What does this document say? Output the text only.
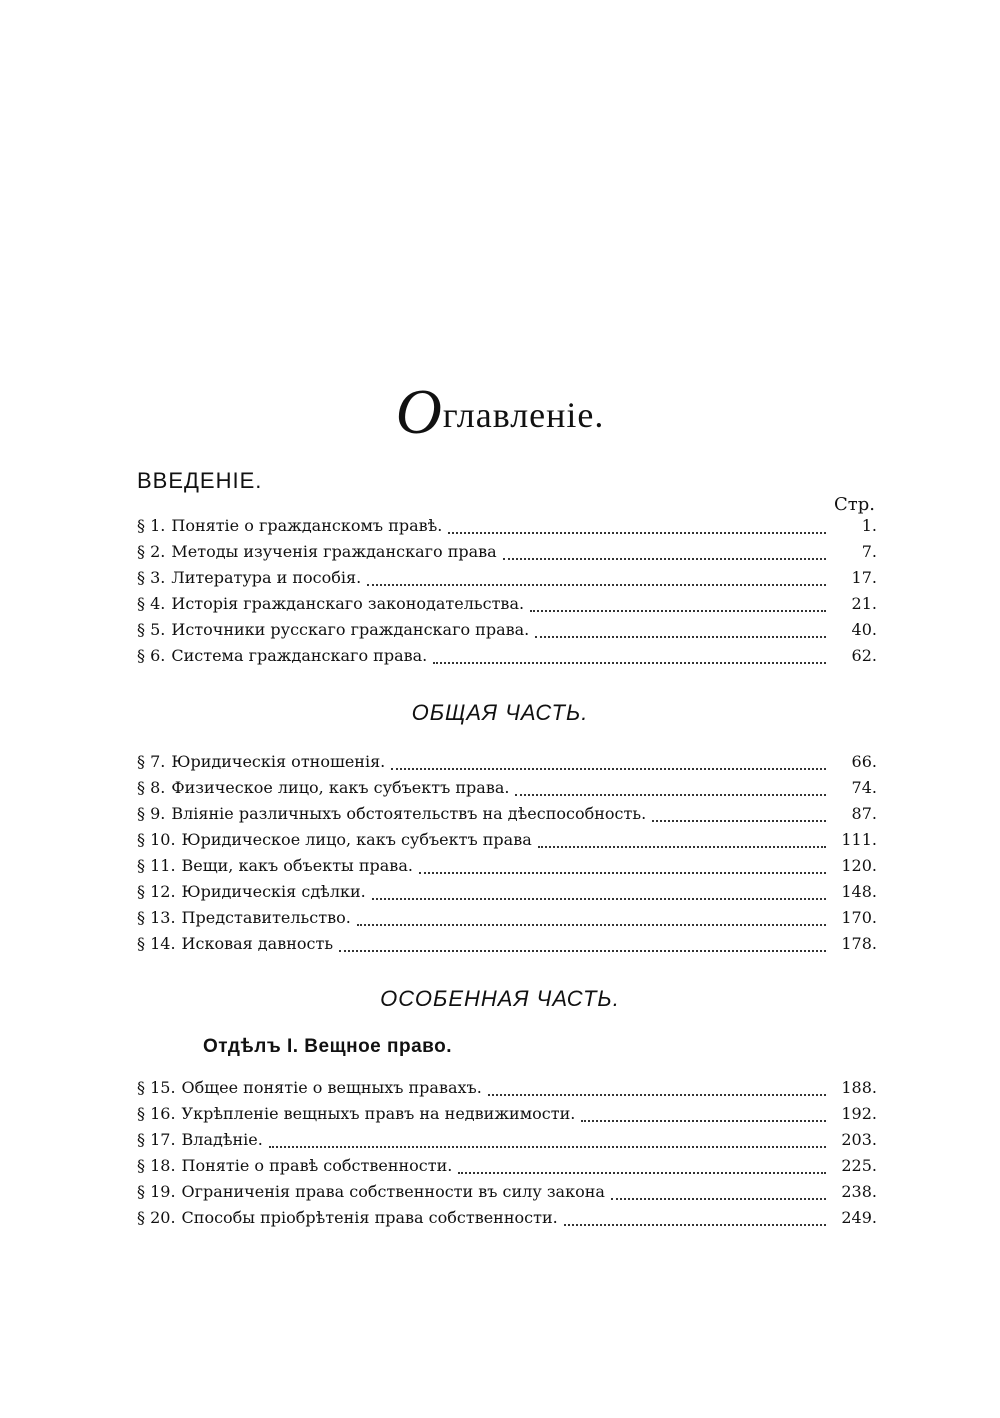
Оглавленіе.
ВВЕДЕНІЕ.
Стр.
§ 1. Понятіе о гражданскомъ правѣ.	1.
§ 2. Методы изученія гражданскаго права	7.
§ 3. Литература и пособія.	17.
§ 4. Исторія гражданскаго законодательства.	21.
§ 5. Источники русскаго гражданскаго права.	40.
§ 6. Система гражданскаго права.	62.
ОБЩАЯ ЧАСТЬ.
§ 7. Юридическія отношенія.	66.
§ 8. Физическое лицо, какъ субъектъ права.	74.
§ 9. Вліяніе различныхъ обстоятельствъ на дѣеспособность.	87.
§ 10. Юридическое лицо, какъ субъектъ права	111.
§ 11. Вещи, какъ объекты права.	120.
§ 12. Юридическія сдѣлки.	148.
§ 13. Представительство.	170.
§ 14. Исковая давность	178.
ОСОБЕННАЯ ЧАСТЬ.
Отдѣлъ I. Вещное право.
§ 15. Общее понятіе о вещныхъ правахъ.	188.
§ 16. Укрѣпленіе вещныхъ правъ на недвижимости.	192.
§ 17. Владѣніе.	203.
§ 18. Понятіе о правѣ собственности.	225.
§ 19. Ограниченія права собственности въ силу закона	238.
§ 20. Способы пріобрѣтенія права собственности.	249.
